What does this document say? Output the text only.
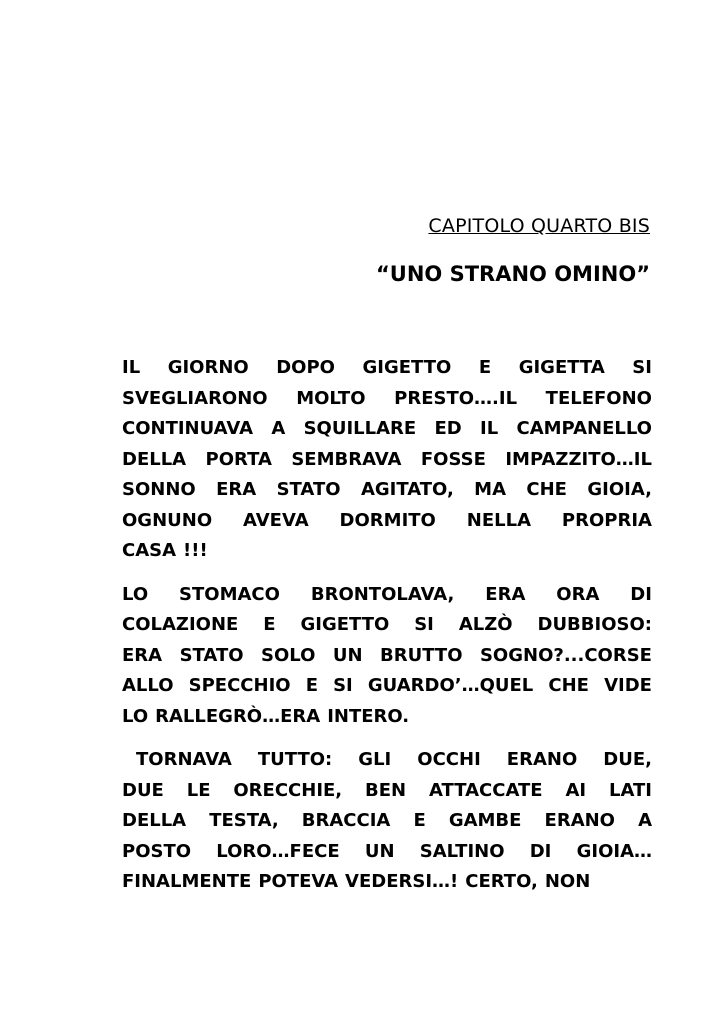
CAPITOLO QUARTO BIS
“UNO STRANO OMINO”
IL GIORNO DOPO GIGETTO E GIGETTA SI
SVEGLIARONO MOLTO PRESTO….IL TELEFONO
CONTINUAVA A SQUILLARE ED IL CAMPANELLO
DELLA PORTA SEMBRAVA FOSSE IMPAZZITO…IL
SONNO ERA STATO AGITATO, MA CHE GIOIA,
OGNUNO AVEVA DORMITO NELLA PROPRIA
CASA !!!
LO STOMACO BRONTOLAVA, ERA ORA DI
COLAZIONE E GIGETTO SI ALZÒ DUBBIOSO:
ERA STATO SOLO UN BRUTTO SOGNO?...CORSE
ALLO SPECCHIO E SI GUARDO’…QUEL CHE VIDE
LO RALLEGRÒ…ERA INTERO.
TORNAVA TUTTO: GLI OCCHI ERANO DUE,
DUE LE ORECCHIE, BEN ATTACCATE AI LATI
DELLA TESTA, BRACCIA E GAMBE ERANO A
POSTO LORO…FECE UN SALTINO DI GIOIA…
FINALMENTE POTEVA VEDERSI…! CERTO, NON
